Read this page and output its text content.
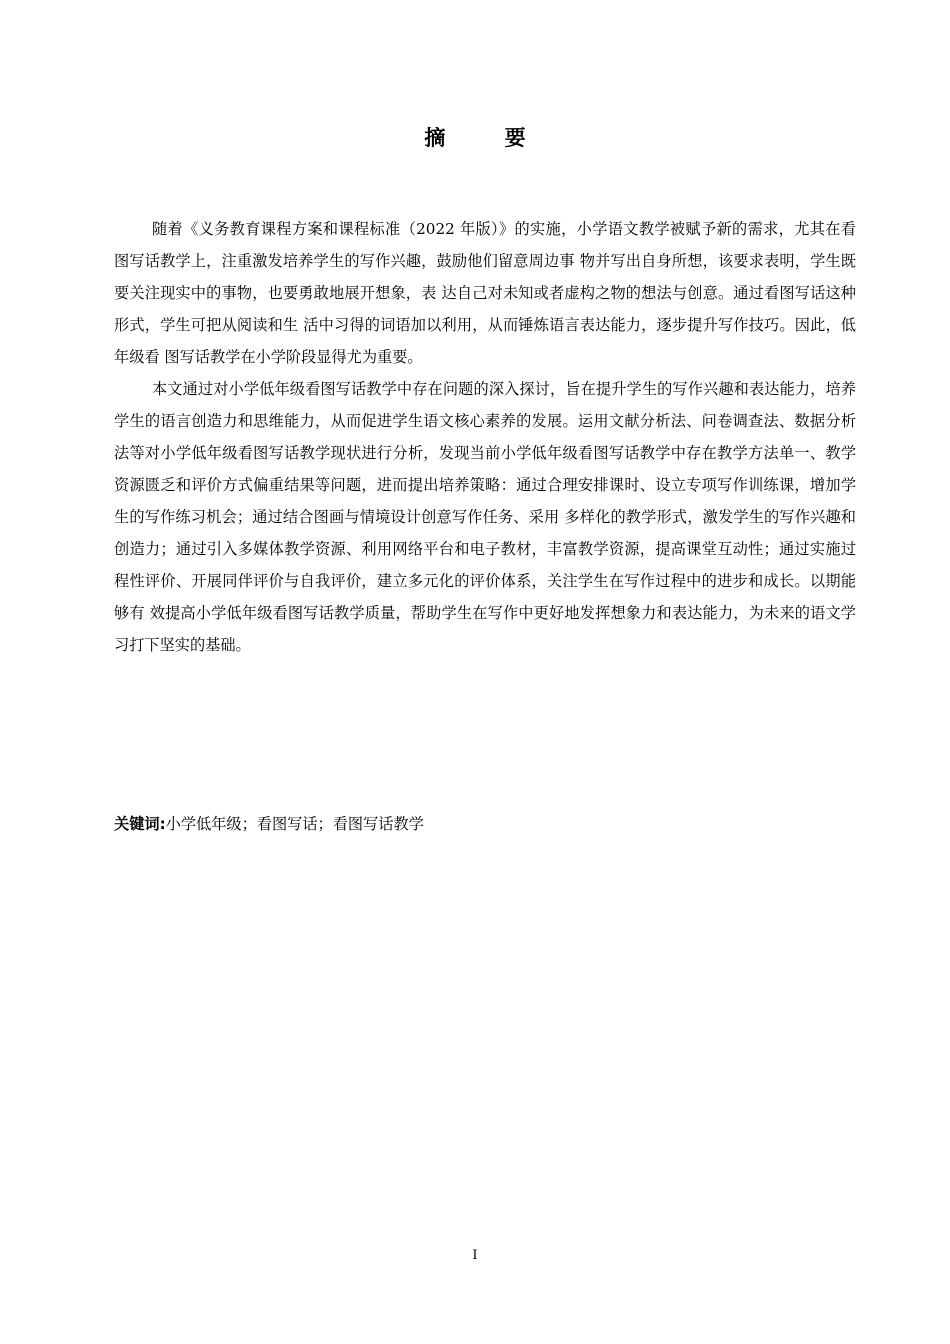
摘 要

随着《义务教育课程方案和课程标准（2022 年版）》的实施，小学语文教学被赋予新的需求，尤其在看图写话教学上，注重激发培养学生的写作兴趣，鼓励他们留意周边事 物并写出自身所想，该要求表明，学生既要关注现实中的事物，也要勇敢地展开想象，表 达自己对未知或者虚构之物的想法与创意。通过看图写话这种形式，学生可把从阅读和生 活中习得的词语加以利用，从而锤炼语言表达能力，逐步提升写作技巧。因此，低年级看 图写话教学在小学阶段显得尤为重要。

本文通过对小学低年级看图写话教学中存在问题的深入探讨，旨在提升学生的写作兴趣和表达能力，培养学生的语言创造力和思维能力，从而促进学生语文核心素养的发展。运用文献分析法、问卷调查法、数据分析法等对小学低年级看图写话教学现状进行分析，发现当前小学低年级看图写话教学中存在教学方法单一、教学资源匮乏和评价方式偏重结果等问题，进而提出培养策略：通过合理安排课时、设立专项写作训练课，增加学生的写作练习机会；通过结合图画与情境设计创意写作任务、采用 多样化的教学形式，激发学生的写作兴趣和创造力；通过引入多媒体教学资源、利用网络平台和电子教材，丰富教学资源，提高课堂互动性；通过实施过程性评价、开展同伴评价与自我评价，建立多元化的评价体系，关注学生在写作过程中的进步和成长。以期能够有 效提高小学低年级看图写话教学质量，帮助学生在写作中更好地发挥想象力和表达能力，为未来的语文学习打下坚实的基础。

关键词:小学低年级；看图写话；看图写话教学
I
